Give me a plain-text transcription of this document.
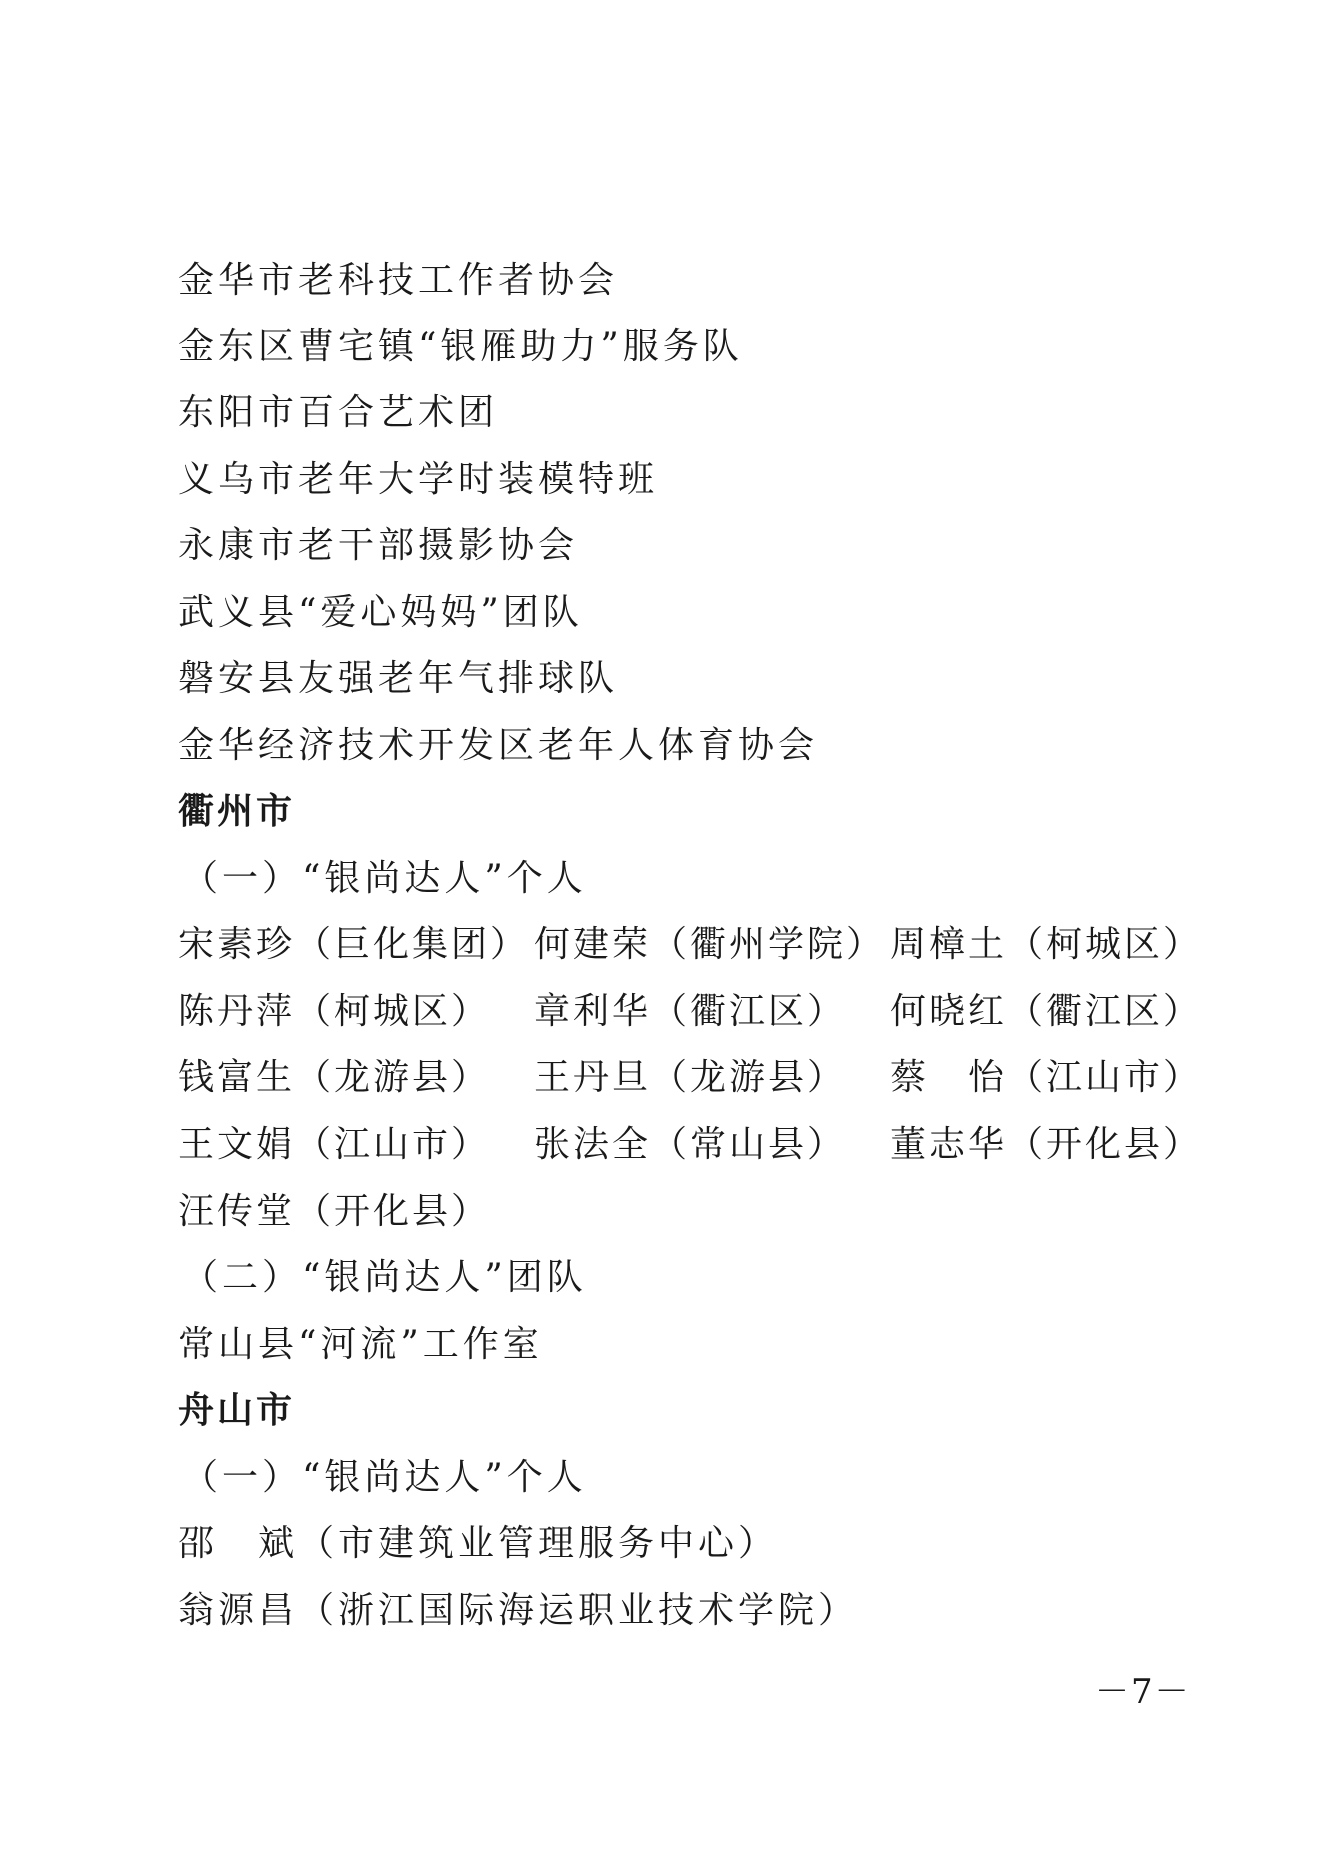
金华市老科技工作者协会
金东区曹宅镇“银雁助力”服务队
东阳市百合艺术团
义乌市老年大学时装模特班
永康市老干部摄影协会
武义县“爱心妈妈”团队
磐安县友强老年气排球队
金华经济技术开发区老年人体育协会
衢州市
（一）“银尚达人”个人
宋素珍（巨化集团） 何建荣（衢州学院） 周樟土（柯城区）
陈丹萍（柯城区） 章利华（衢江区） 何晓红（衢江区）
钱富生（龙游县） 王丹旦（龙游县） 蔡　怡（江山市）
王文娟（江山市） 张法全（常山县） 董志华（开化县）
汪传堂（开化县）
（二）“银尚达人”团队
常山县“河流”工作室
舟山市
（一）“银尚达人”个人
邵　斌（市建筑业管理服务中心）
翁源昌（浙江国际海运职业技术学院）
－7－
